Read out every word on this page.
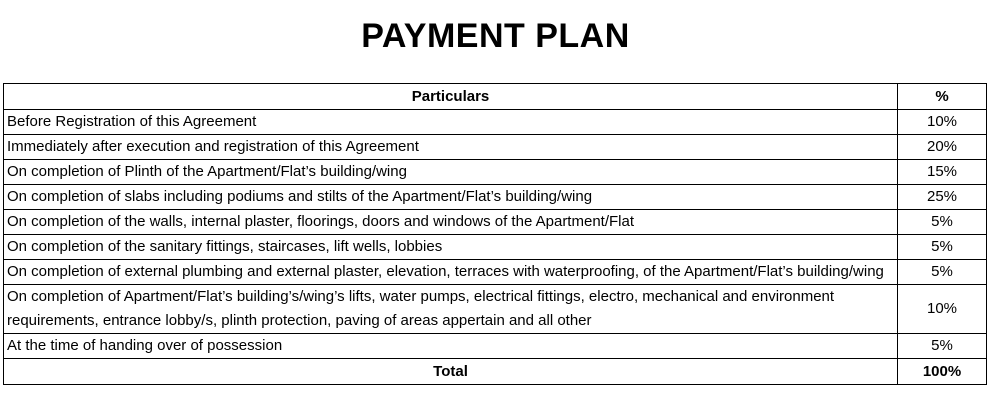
PAYMENT PLAN
Particulars	%
Before Registration of this Agreement	10%
Immediately after execution and registration of this Agreement	20%
On completion of Plinth of the Apartment/Flat’s building/wing	15%
On completion of slabs including podiums and stilts of the Apartment/Flat’s building/wing	25%
On completion of the walls, internal plaster, floorings, doors and windows of the Apartment/Flat	5%
On completion of the sanitary fittings, staircases, lift wells, lobbies	5%
On completion of external plumbing and external plaster, elevation, terraces with waterproofing, of the Apartment/Flat’s building/wing	5%
On completion of Apartment/Flat’s building’s/wing’s lifts, water pumps, electrical fittings, electro, mechanical and environment requirements, entrance lobby/s, plinth protection, paving of areas appertain and all other	10%
At the time of handing over of possession	5%
Total	100%
